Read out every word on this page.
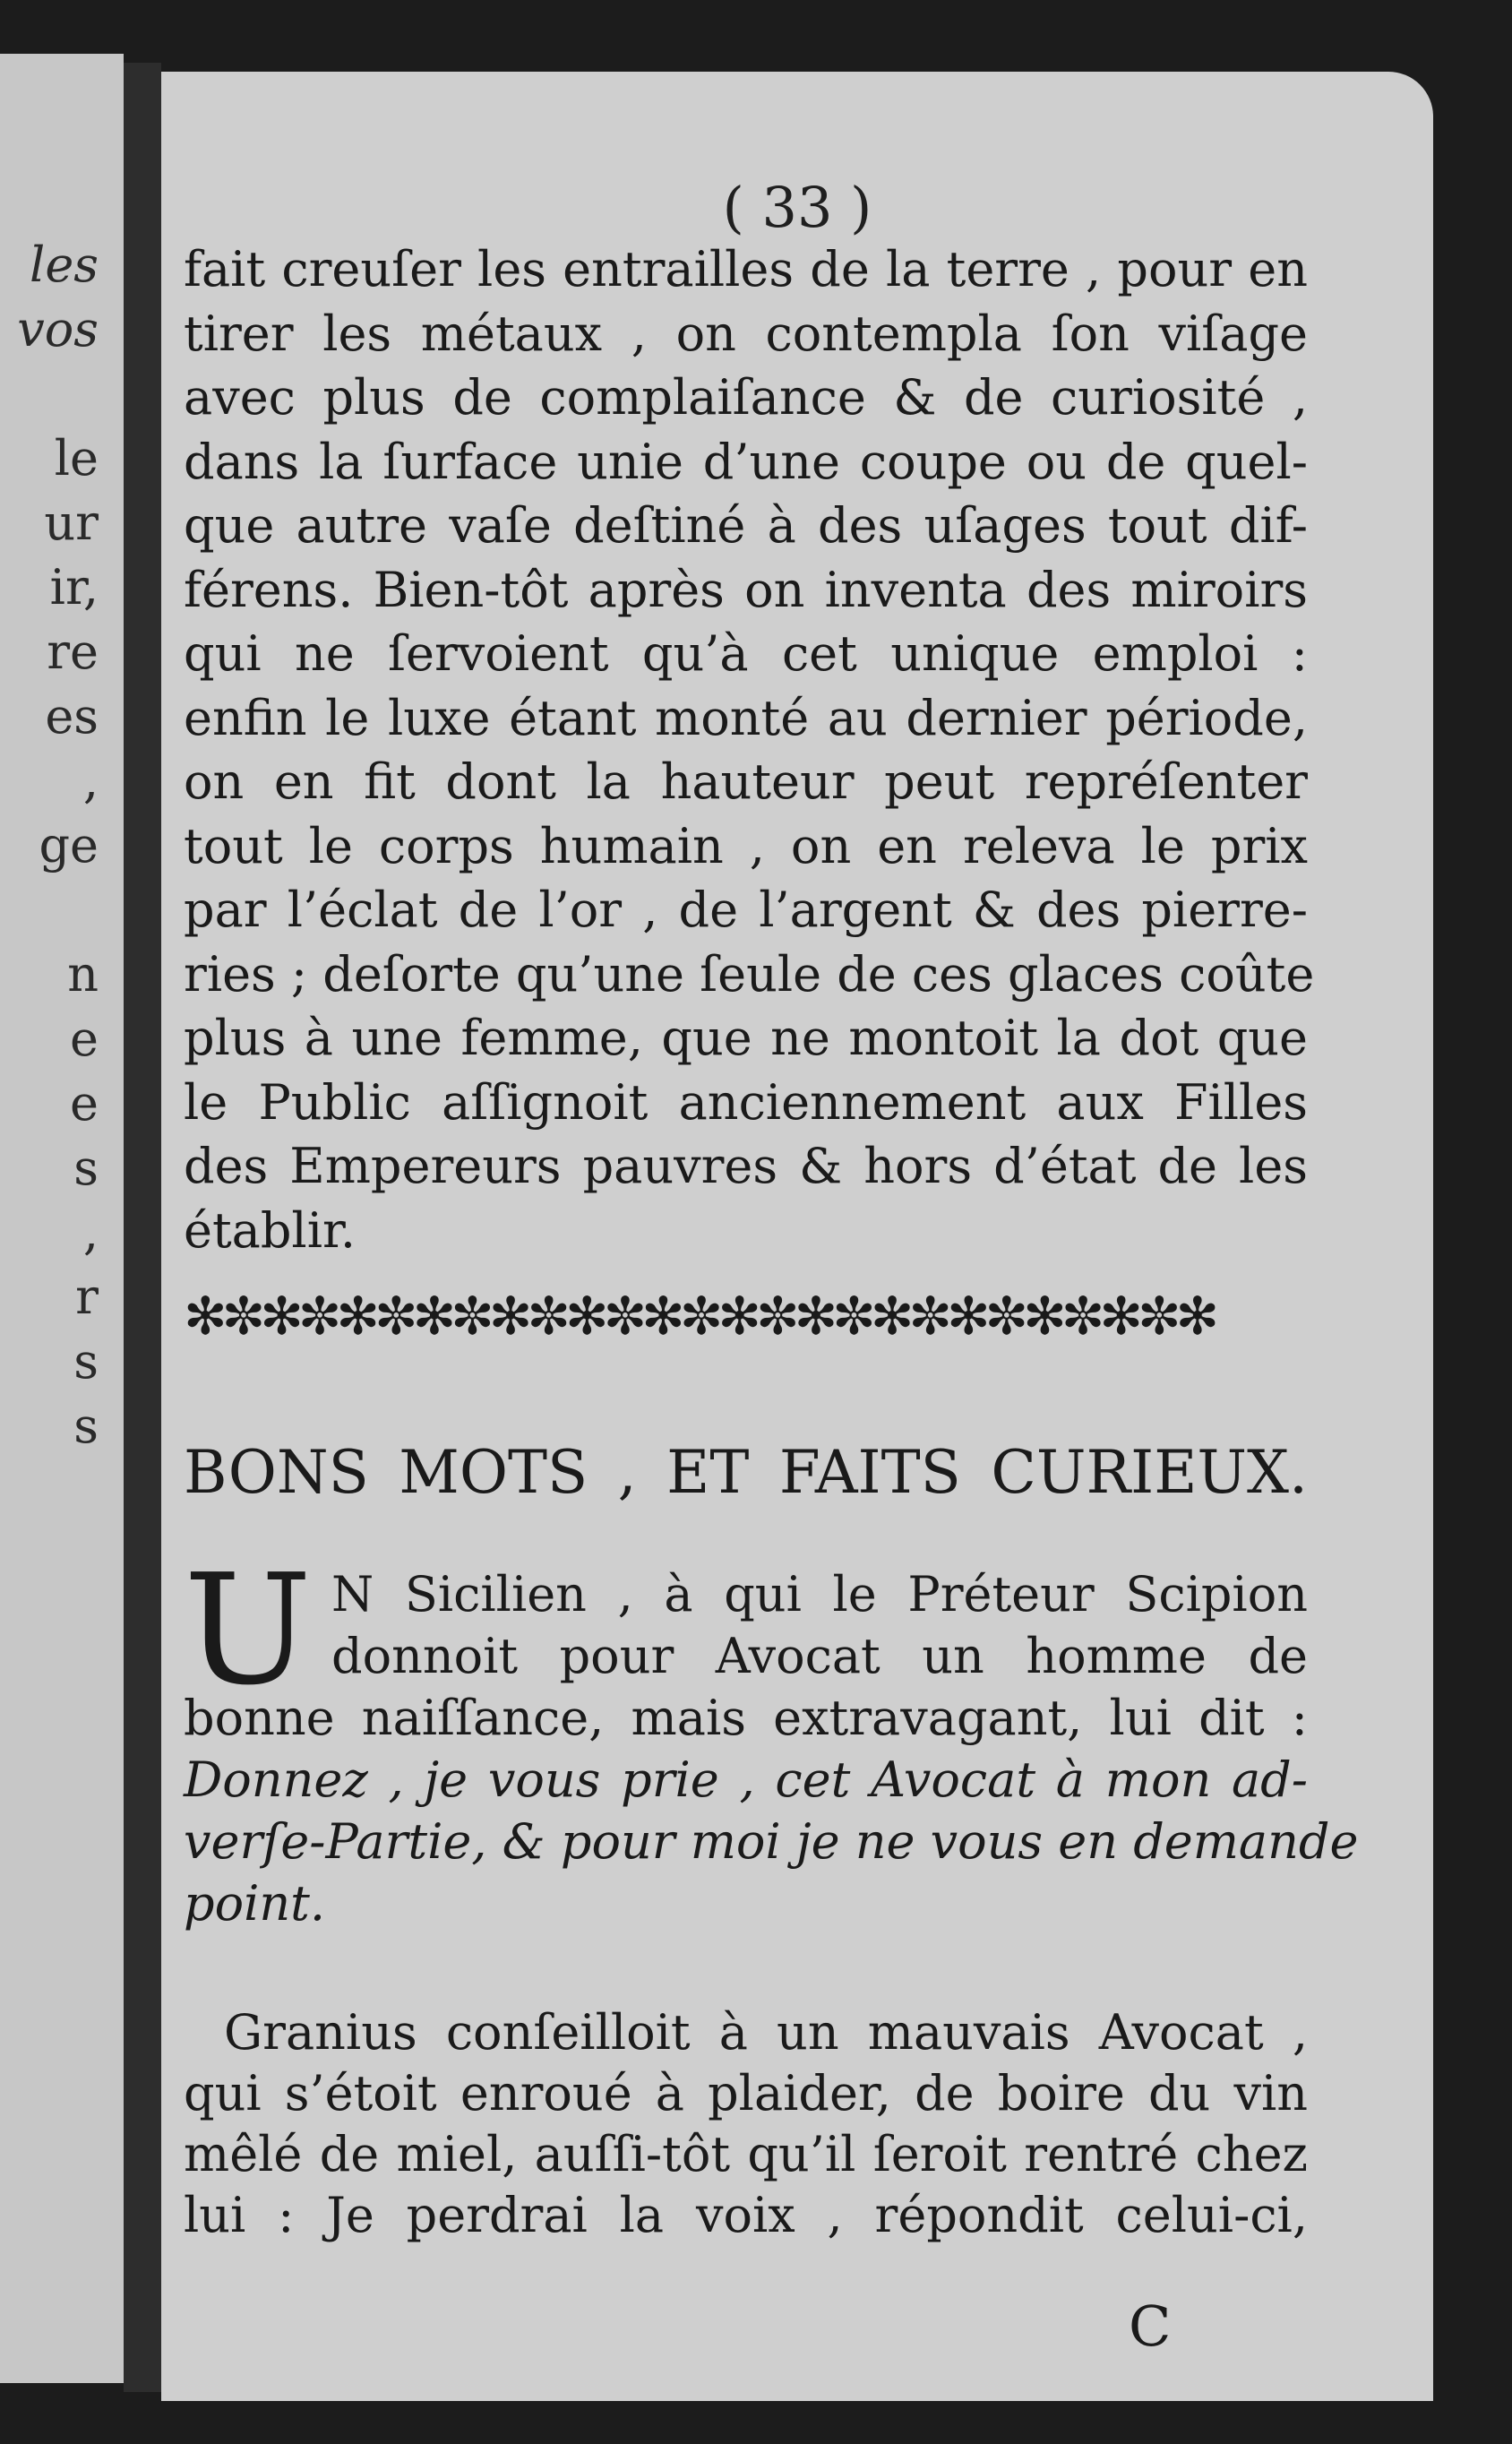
les
vos
le
ur
ir,
re
es
,
ge
n
e
e
s
,
r
s
s
( 33 )
fait creuſer les entrailles de la terre , pour en
tirer les métaux , on contempla ſon viſage
avec plus de complaiſance & de curiosité ,
dans la ſurface unie d’une coupe ou de quel-
que autre vaſe deſtiné à des uſages tout dif-
férens. Bien-tôt après on inventa des miroirs
qui ne ſervoient qu’à cet unique emploi :
enfin le luxe étant monté au dernier période,
on en fit dont la hauteur peut repréſenter
tout le corps humain , on en releva le prix
par l’éclat de l’or , de l’argent & des pierre-
ries ; deſorte qu’une ſeule de ces glaces coûte
plus à une femme, que ne montoit la dot que
le Public aſſignoit anciennement aux Filles
des Empereurs pauvres & hors d’état de les
établir.
✻✼✻✼✻✼✻✼✻✼✻✼✻✼✻✼✻✼✻✼✻✼✻✼✻✼✻
BONS MOTS , ET FAITS CURIEUX.
U N Sicilien , à qui le Préteur Scipion
donnoit pour Avocat un homme de
bonne naiſſance, mais extravagant, lui dit :
Donnez , je vous prie , cet Avocat à mon ad-
verſe-Partie, & pour moi je ne vous en demande
point.
Granius conſeilloit à un mauvais Avocat ,
qui s’étoit enroué à plaider, de boire du vin
mêlé de miel, auſſi-tôt qu’il ſeroit rentré chez
lui : Je perdrai la voix , répondit celui-ci,
C
